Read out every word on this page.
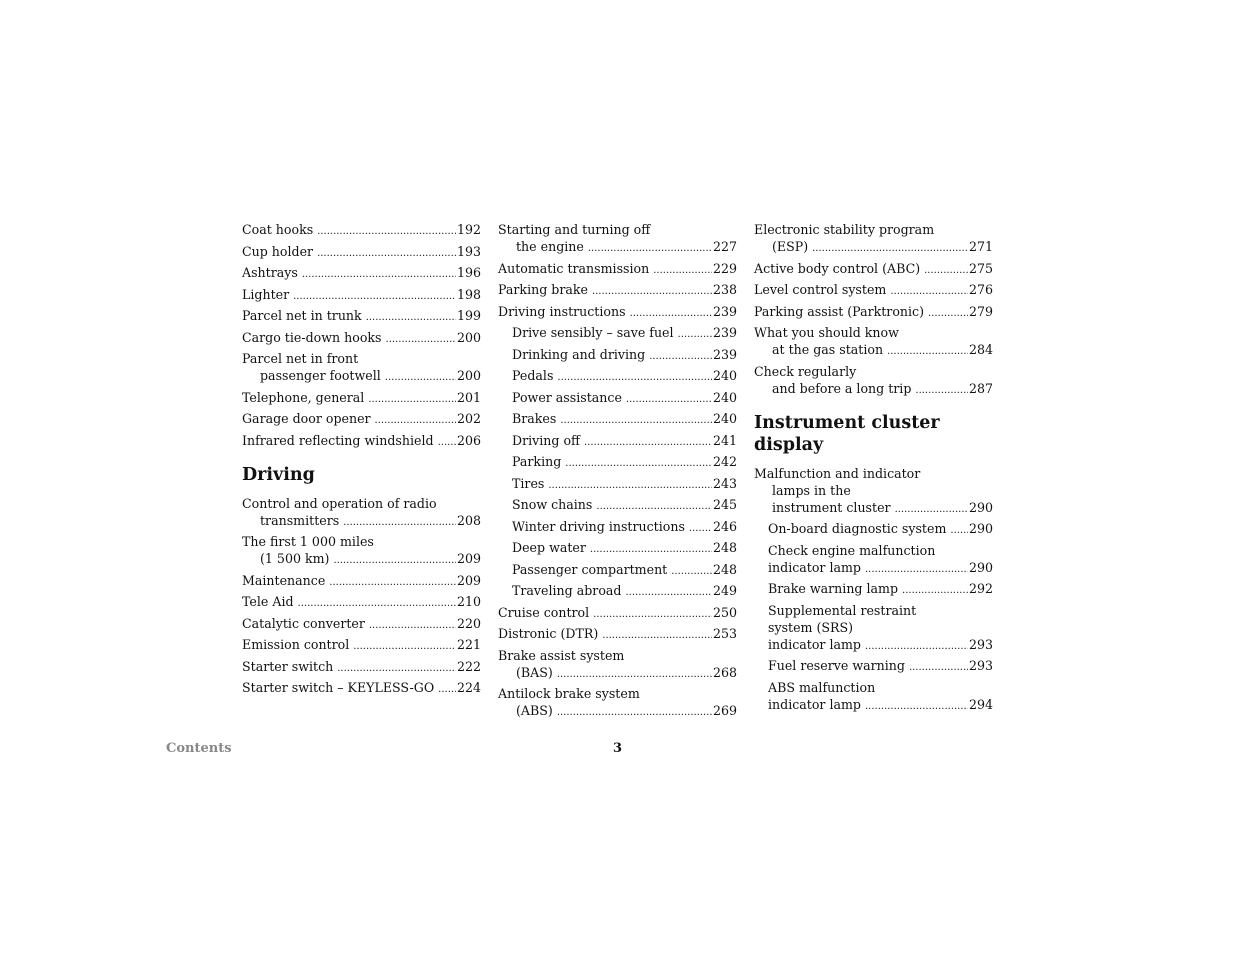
Coat hooks .....	192
Cup holder .....	193
Ashtrays .....	196
Lighter .....	198
Parcel net in trunk .....	199
Cargo tie-down hooks .....	200
Parcel net in front
passenger footwell .....	200
Telephone, general .....	201
Garage door opener .....	202
Infrared reflecting windshield .....	206
Driving
Control and operation of radio
transmitters .....	208
The first 1 000 miles
(1 500 km) .....	209
Maintenance .....	209
Tele Aid .....	210
Catalytic converter .....	220
Emission control .....	221
Starter switch .....	222
Starter switch – KEYLESS-GO .....	224
Starting and turning off
the engine .....	227
Automatic transmission .....	229
Parking brake .....	238
Driving instructions .....	239
Drive sensibly – save fuel .....	239
Drinking and driving .....	239
Pedals .....	240
Power assistance .....	240
Brakes .....	240
Driving off .....	241
Parking .....	242
Tires .....	243
Snow chains .....	245
Winter driving instructions .....	246
Deep water .....	248
Passenger compartment .....	248
Traveling abroad .....	249
Cruise control .....	250
Distronic (DTR) .....	253
Brake assist system
(BAS) .....	268
Antilock brake system
(ABS) .....	269
Electronic stability program
(ESP) .....	271
Active body control (ABC) .....	275
Level control system .....	276
Parking assist (Parktronic) .....	279
What you should know
at the gas station .....	284
Check regularly
and before a long trip .....	287
Instrument cluster display
Malfunction and indicator
lamps in the
instrument cluster .....	290
On-board diagnostic system .....	290
Check engine malfunction
indicator lamp .....	290
Brake warning lamp .....	292
Supplemental restraint
system (SRS)
indicator lamp .....	293
Fuel reserve warning .....	293
ABS malfunction
indicator lamp .....	294
Contents	3
